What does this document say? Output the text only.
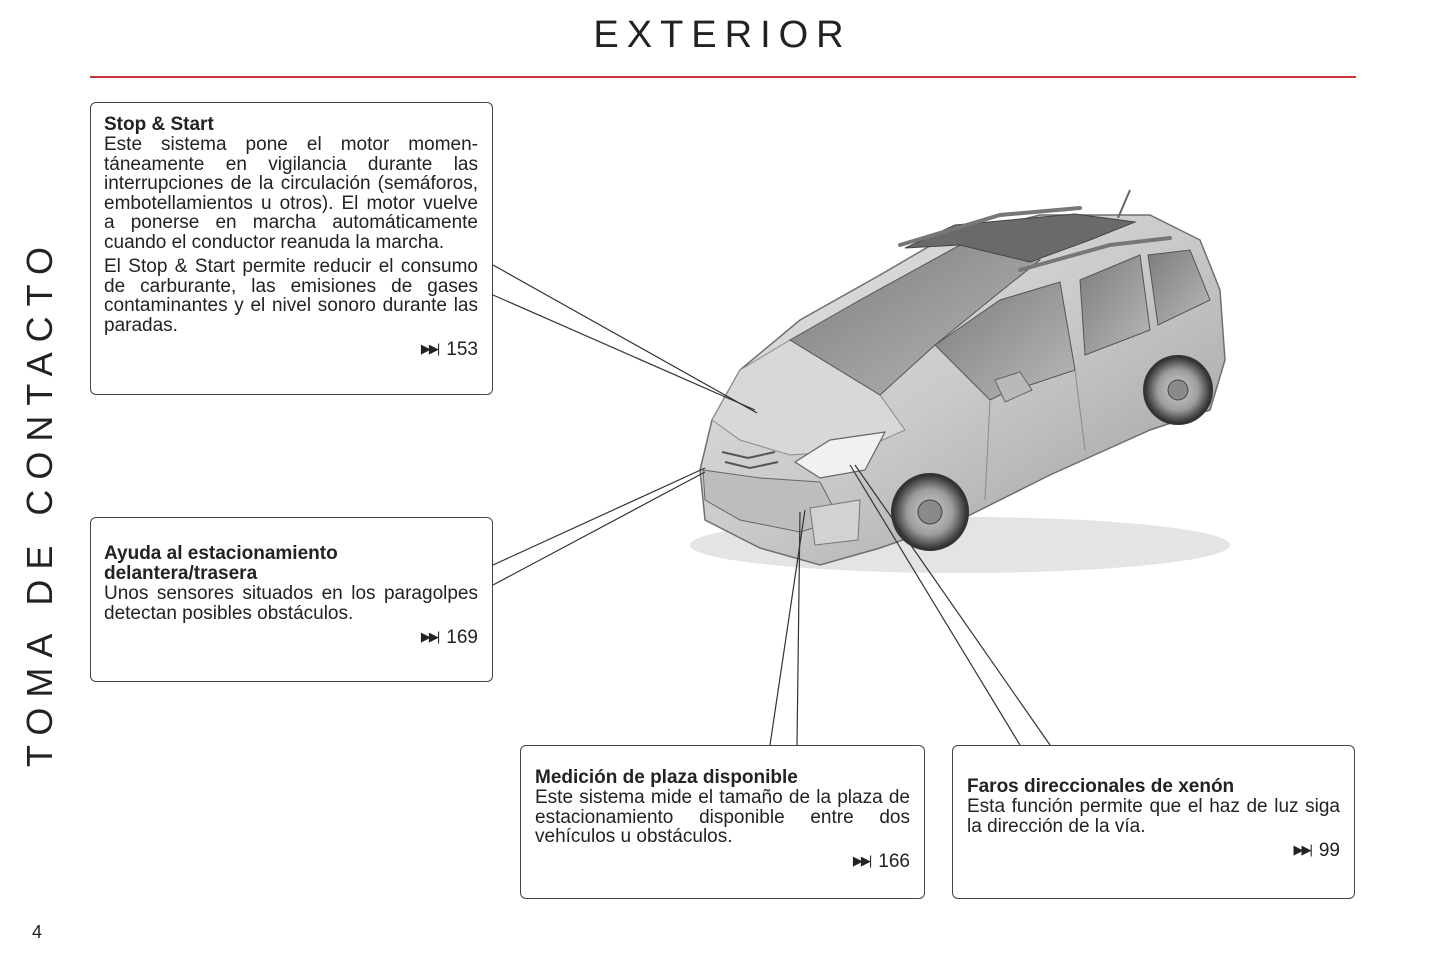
EXTERIOR
TOMA DE CONTACTO
4
Stop & Start

Este sistema pone el motor momentáneamente en vigilancia durante las interrupciones de la circulación (semáforos, embotellamientos u otros). El motor vuelve a ponerse en marcha automáticamente cuando el conductor reanuda la marcha.

El Stop & Start permite reducir el consumo de carburante, las emisiones de gases contaminantes y el nivel sonoro durante las paradas.

▶▶| 153
Ayuda al estacionamiento delantera/trasera

Unos sensores situados en los paragolpes detectan posibles obstáculos.

▶▶| 169
Medición de plaza disponible

Este sistema mide el tamaño de la plaza de estacionamiento disponible entre dos vehículos u obstáculos.

▶▶| 166
Faros direccionales de xenón

Esta función permite que el haz de luz siga la dirección de la vía.

▶▶| 99
